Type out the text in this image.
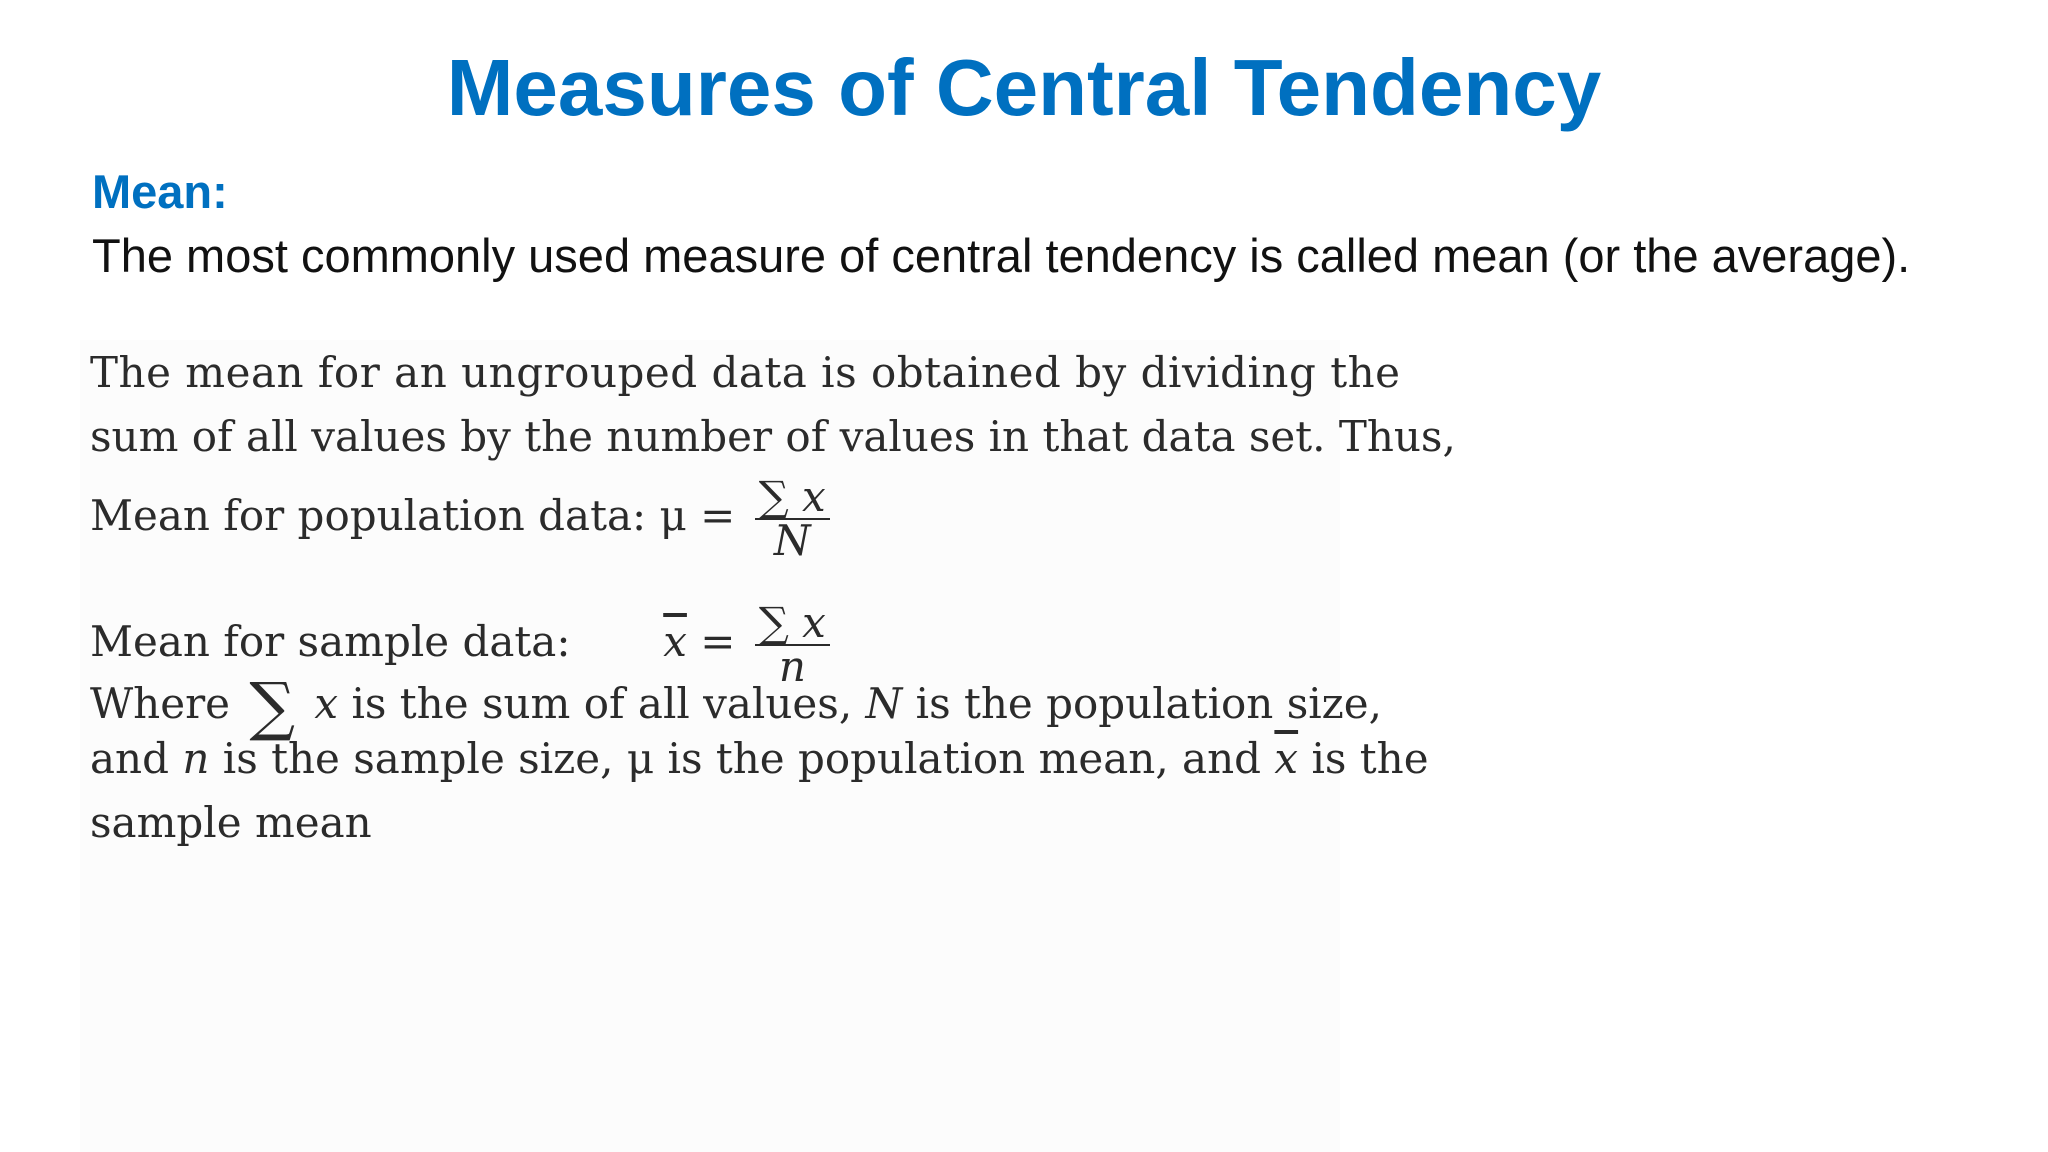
Measures of Central Tendency
Mean:
The most commonly used measure of central tendency is called mean (or the average).
The mean for an ungrouped data is obtained by dividing the
sum of all values by the number of values in that data set. Thus,
Mean for population data: $\mu = \frac{\sum x}{N}$
Mean for sample data: $\overline{x} = \frac{\sum x}{n}$
Where ∑ x is the sum of all values, N is the population size,
and n is the sample size, μ is the population mean, and $\overline{x}$ is the
sample mean
